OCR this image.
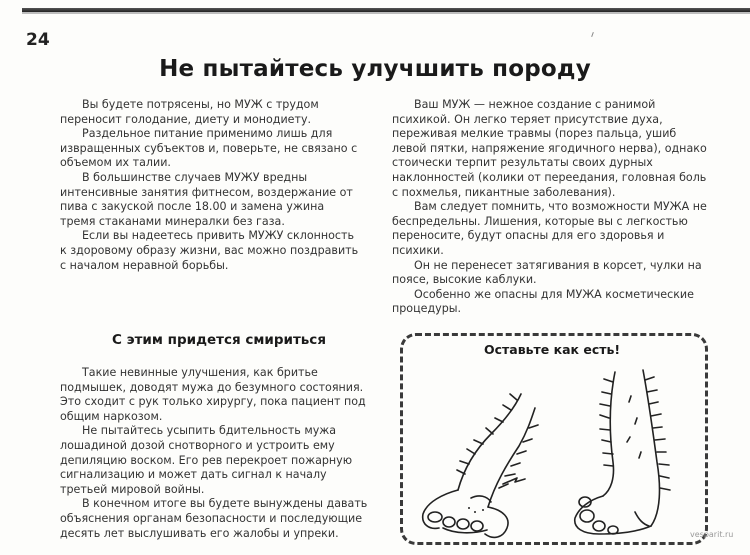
24
Не пытайтесь улучшить породу

Вы будете потрясены, но МУЖ с трудом переносит голодание, диету и монодиету.

Раздельное питание применимо лишь для извращенных субъектов и, поверьте, не связано с объемом их талии.

В большинстве случаев МУЖУ вредны интенсивные занятия фитнесом, воздержание от пива с закуской после 18.00 и замена ужина тремя стаканами минералки без газа.

Если вы надеетесь привить МУЖУ склонность к здоровому образу жизни, вас можно поздравить с началом неравной борьбы.

Ваш МУЖ — нежное создание с ранимой психикой. Он легко теряет присутствие духа, переживая мелкие травмы (порез пальца, ушиб левой пятки, напряжение ягодичного нерва), однако стоически терпит результаты своих дурных наклонностей (колики от переедания, головная боль с похмелья, пикантные заболевания).

Вам следует помнить, что возможности МУЖА не беспредельны. Лишения, которые вы с легкостью переносите, будут опасны для его здоровья и психики.

Он не перенесет затягивания в корсет, чулки на поясе, высокие каблуки.

Особенно же опасны для МУЖА косметические процедуры.

С этим придется смириться

Такие невинные улучшения, как бритье подмышек, доводят мужа до безумного состояния. Это сходит с рук только хирургу, пока пациент под общим наркозом.

Не пытайтесь усыпить бдительность мужа лошадиной дозой снотворного и устроить ему депиляцию воском. Его рев перекроет пожарную сигнализацию и может дать сигнал к началу третьей мировой войны.

В конечном итоге вы будете вынуждены давать объяснения органам безопасности и последующие десять лет выслушивать его жалобы и упреки.

Оставьте как есть!
vesparit.ru
